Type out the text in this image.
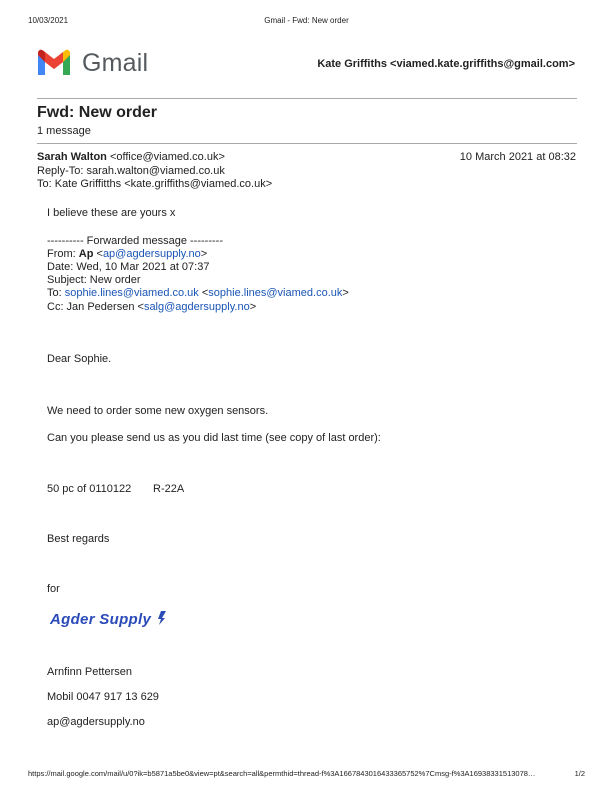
10/03/2021	Gmail - Fwd: New order
Gmail	Kate Griffiths <viamed.kate.griffiths@gmail.com>
Fwd: New order
1 message
Sarah Walton <office@viamed.co.uk>	10 March 2021 at 08:32
Reply-To: sarah.walton@viamed.co.uk
To: Kate Griffitths <kate.griffiths@viamed.co.uk>
I believe these are yours x
---------- Forwarded message ---------
From: Ap <ap@agdersupply.no>
Date: Wed, 10 Mar 2021 at 07:37
Subject: New order
To: sophie.lines@viamed.co.uk <sophie.lines@viamed.co.uk>
Cc: Jan Pedersen <salg@agdersupply.no>
Dear Sophie.
We need to order some new oxygen sensors.
Can you please send us as you did last time (see copy of last order):
50 pc of 0110122 R-22A
Best regards
for
Agder Supply
Arnfinn Pettersen
Mobil 0047 917 13 629
ap@agdersupply.no
https://mail.google.com/mail/u/0?ik=b5871a5be0&view=pt&search=all&permthid=thread-f%3A1667843016433365752%7Cmsg-f%3A16938331513078…	1/2
